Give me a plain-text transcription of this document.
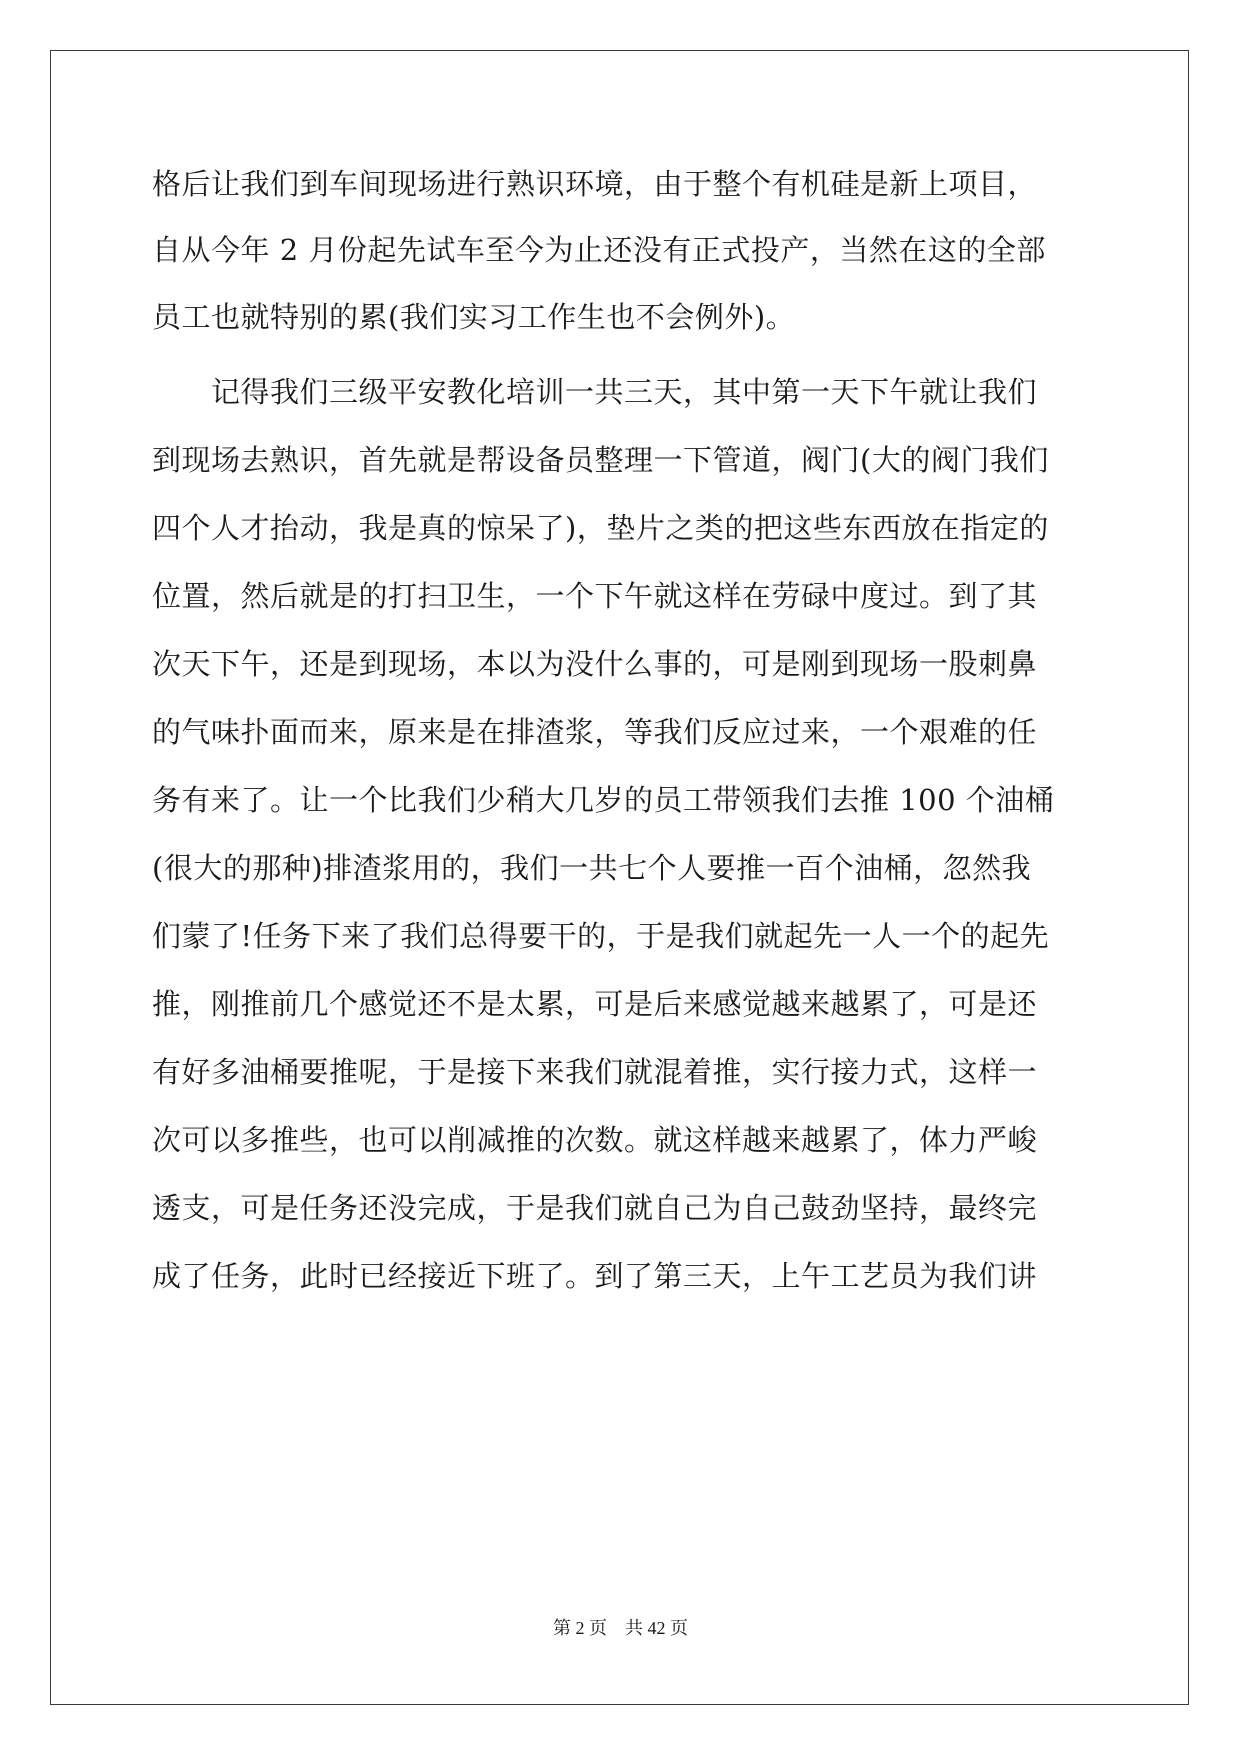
格后让我们到车间现场进行熟识环境，由于整个有机硅是新上项目，
自从今年 2 月份起先试车至今为止还没有正式投产，当然在这的全部
员工也就特别的累(我们实习工作生也不会例外)。
　　记得我们三级平安教化培训一共三天，其中第一天下午就让我们
到现场去熟识，首先就是帮设备员整理一下管道，阀门(大的阀门我们
四个人才抬动，我是真的惊呆了)，垫片之类的把这些东西放在指定的
位置，然后就是的打扫卫生，一个下午就这样在劳碌中度过。到了其
次天下午，还是到现场，本以为没什么事的，可是刚到现场一股刺鼻
的气味扑面而来，原来是在排渣浆，等我们反应过来，一个艰难的任
务有来了。让一个比我们少稍大几岁的员工带领我们去推 100 个油桶
(很大的那种)排渣浆用的，我们一共七个人要推一百个油桶，忽然我
们蒙了!任务下来了我们总得要干的，于是我们就起先一人一个的起先
推，刚推前几个感觉还不是太累，可是后来感觉越来越累了，可是还
有好多油桶要推呢，于是接下来我们就混着推，实行接力式，这样一
次可以多推些，也可以削减推的次数。就这样越来越累了，体力严峻
透支，可是任务还没完成，于是我们就自己为自己鼓劲坚持，最终完
成了任务，此时已经接近下班了。到了第三天，上午工艺员为我们讲
第 2 页 共 42 页
